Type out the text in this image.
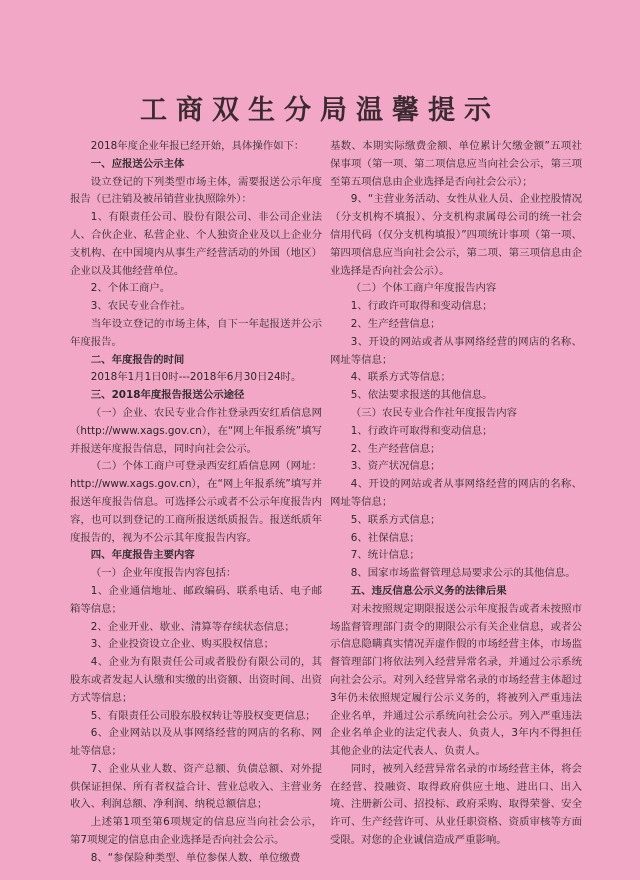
工商双生分局温馨提示

2018年度企业年报已经开始，具体操作如下：

一、应报送公示主体

设立登记的下列类型市场主体，需要报送公示年度报告（已注销及被吊销营业执照除外）：

1、有限责任公司、股份有限公司、非公司企业法人、合伙企业、私营企业、个人独资企业及以上企业分支机构、在中国境内从事生产经营活动的外国（地区）企业以及其他经营单位。

2、个体工商户。

3、农民专业合作社。

当年设立登记的市场主体，自下一年起报送并公示年度报告。

二、年度报告的时间

2018年1月1日0时---2018年6月30日24时。

三、2018年度报告报送公示途径

（一）企业、农民专业合作社登录西安红盾信息网（http://www.xags.gov.cn），在“网上年报系统”填写并报送年度报告信息，同时向社会公示。

（二）个体工商户可登录西安红盾信息网（网址：http://www.xags.gov.cn），在“网上年报系统”填写并报送年度报告信息。可选择公示或者不公示年度报告内容，也可以到登记的工商所报送纸质报告。报送纸质年度报告的，视为不公示其年度报告内容。

四、年度报告主要内容

（一）企业年度报告内容包括：

1、企业通信地址、邮政编码、联系电话、电子邮箱等信息；

2、企业开业、歇业、清算等存续状态信息；

3、企业投资设立企业、购买股权信息；

4、企业为有限责任公司或者股份有限公司的，其股东或者发起人认缴和实缴的出资额、出资时间、出资方式等信息；

5、有限责任公司股东股权转让等股权变更信息；

6、企业网站以及从事网络经营的网店的名称、网址等信息；

7、企业从业人数、资产总额、负债总额、对外提供保证担保、所有者权益合计、营业总收入、主营业务收入、利润总额、净利润、纳税总额信息；

上述第1项至第6项规定的信息应当向社会公示，第7项规定的信息由企业选择是否向社会公示。

8、“参保险种类型、单位参保人数、单位缴费

基数、本期实际缴费金额、单位累计欠缴金额”五项社保事项（第一项、第二项信息应当向社会公示，第三项至第五项信息由企业选择是否向社会公示）；

9、“主营业务活动、女性从业人员、企业控股情况（分支机构不填报）、分支机构隶属母公司的统一社会信用代码（仅分支机构填报）”四项统计事项（第一项、第四项信息应当向社会公示，第二项、第三项信息由企业选择是否向社会公示）。

（二）个体工商户年度报告内容

1、行政许可取得和变动信息；

2、生产经营信息；

3、开设的网站或者从事网络经营的网店的名称、网址等信息；

4、联系方式等信息；

5、依法要求报送的其他信息。

（三）农民专业合作社年度报告内容

1、行政许可取得和变动信息；

2、生产经营信息；

3、资产状况信息；

4、开设的网站或者从事网络经营的网店的名称、网址等信息；

5、联系方式信息；

6、社保信息；

7、统计信息；

8、国家市场监督管理总局要求公示的其他信息。

五、违反信息公示义务的法律后果

对未按照规定期限报送公示年度报告或者未按照市场监督管理部门责令的期限公示有关企业信息，或者公示信息隐瞒真实情况弄虚作假的市场经营主体，市场监督管理部门将依法列入经营异常名录，并通过公示系统向社会公示。对列入经营异常名录的市场经营主体超过3年仍未依照规定履行公示义务的，将被列入严重违法企业名单，并通过公示系统向社会公示。列入严重违法企业名单企业的法定代表人、负责人，3年内不得担任其他企业的法定代表人、负责人。

同时，被列入经营异常名录的市场经营主体，将会在经营、投融资、取得政府供应土地、进出口、出入境、注册新公司、招投标、政府采购、取得荣誉、安全许可、生产经营许可、从业任职资格、资质审核等方面受限。对您的企业诚信造成严重影响。
